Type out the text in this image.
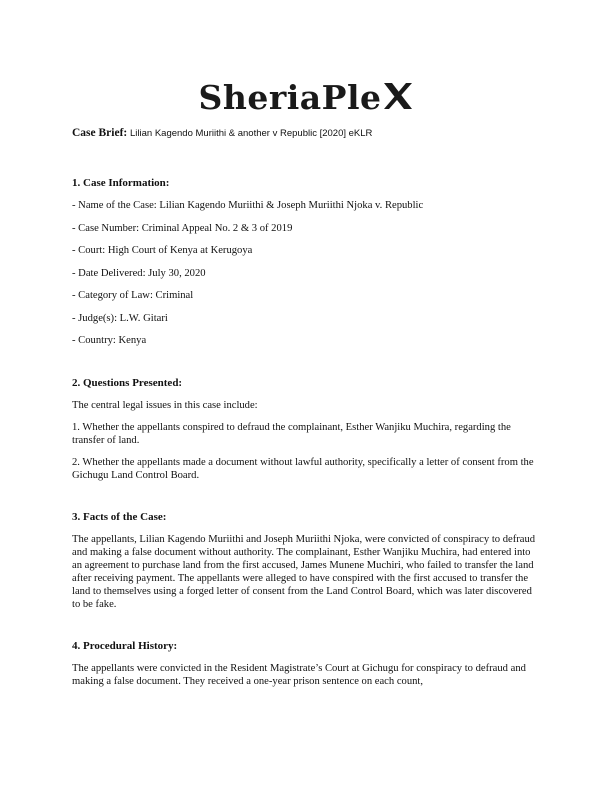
SheriaPle
Case Brief: Lilian Kagendo Muriithi & another v Republic [2020] eKLR
1. Case Information:
- Name of the Case: Lilian Kagendo Muriithi & Joseph Muriithi Njoka v. Republic
- Case Number: Criminal Appeal No. 2 & 3 of 2019
- Court: High Court of Kenya at Kerugoya
- Date Delivered: July 30, 2020
- Category of Law: Criminal
- Judge(s): L.W. Gitari
- Country: Kenya
2. Questions Presented:

The central legal issues in this case include:

1. Whether the appellants conspired to defraud the complainant, Esther Wanjiku Muchira, regarding the transfer of land.

2. Whether the appellants made a document without lawful authority, specifically a letter of consent from the Gichugu Land Control Board.

3. Facts of the Case:

The appellants, Lilian Kagendo Muriithi and Joseph Muriithi Njoka, were convicted of conspiracy to defraud and making a false document without authority. The complainant, Esther Wanjiku Muchira, had entered into an agreement to purchase land from the first accused, James Munene Muchiri, who failed to transfer the land after receiving payment. The appellants were alleged to have conspired with the first accused to transfer the land to themselves using a forged letter of consent from the Land Control Board, which was later discovered to be fake.

4. Procedural History:

The appellants were convicted in the Resident Magistrate’s Court at Gichugu for conspiracy to defraud and making a false document. They received a one-year prison sentence on each count,
